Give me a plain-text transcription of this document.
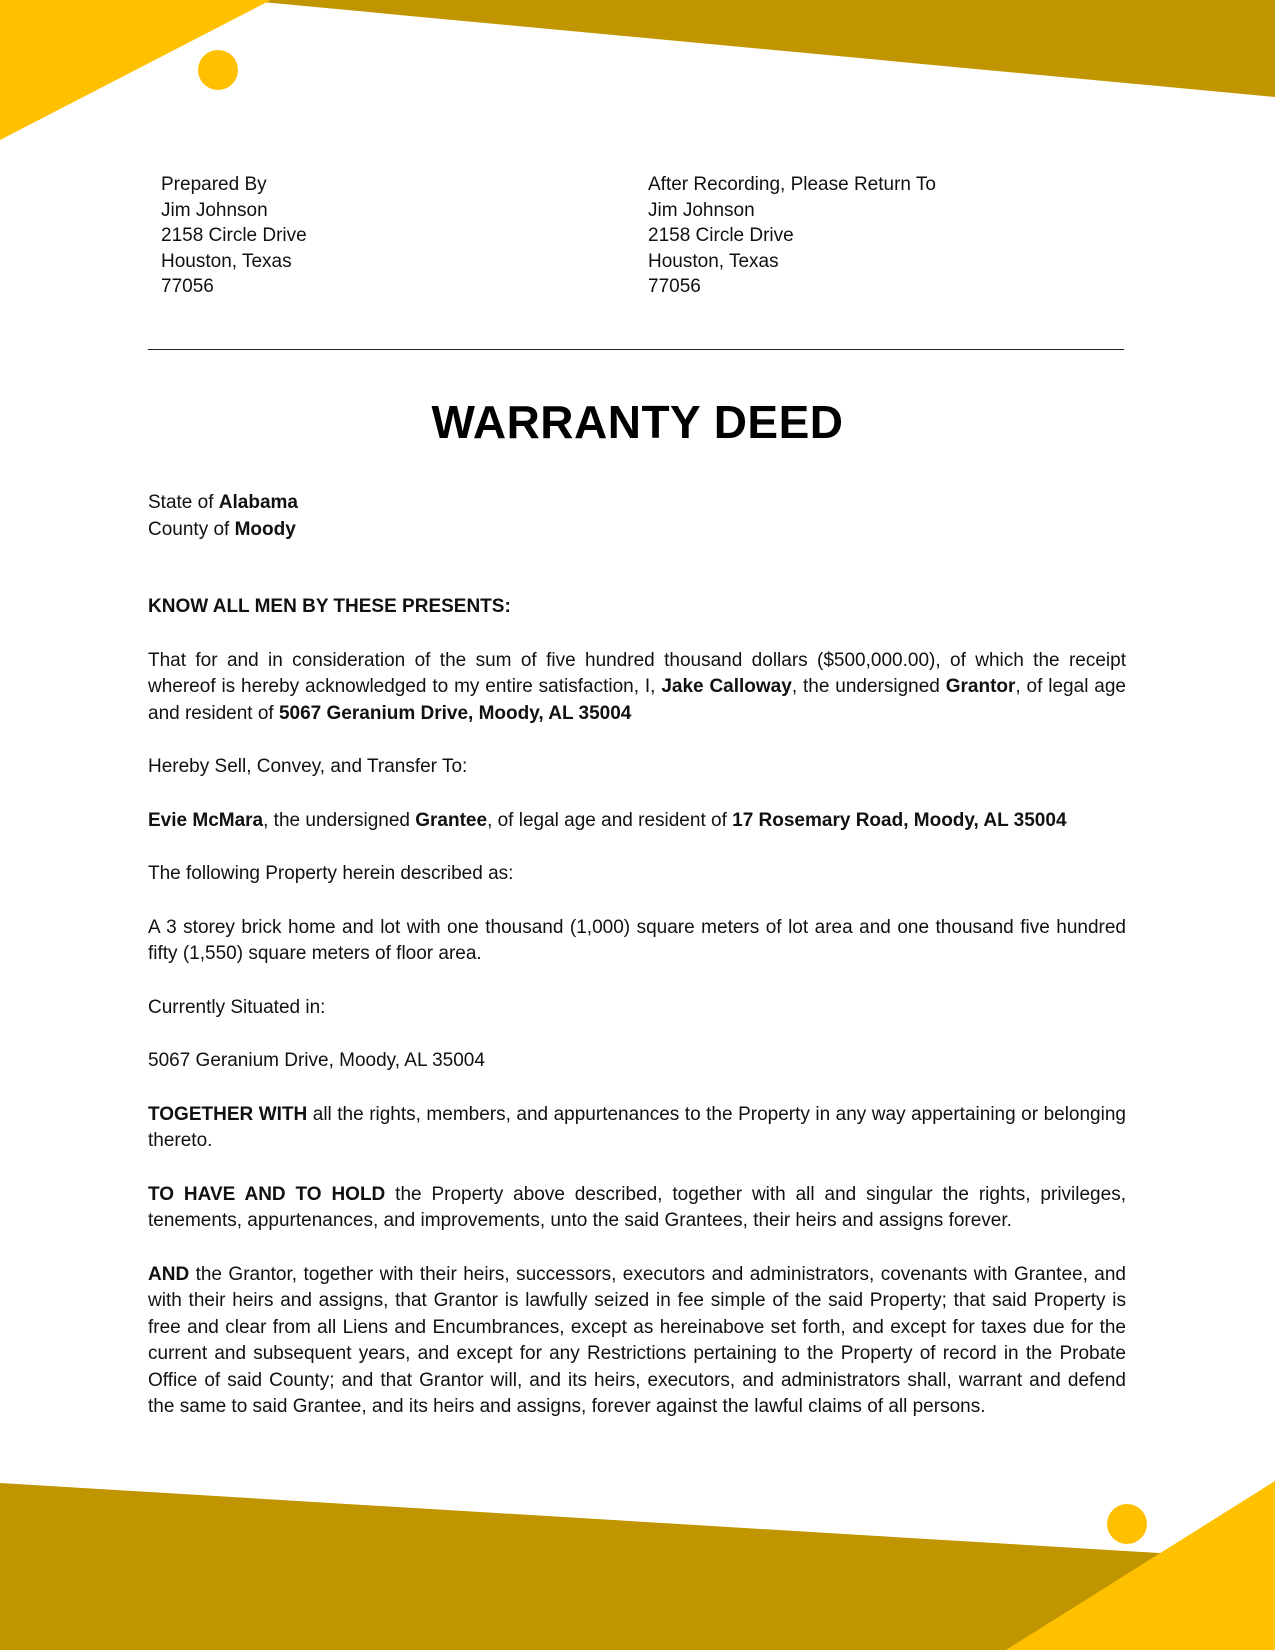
Prepared By
Jim Johnson
2158 Circle Drive
Houston, Texas
77056
After Recording, Please Return To
Jim Johnson
2158 Circle Drive
Houston, Texas
77056
WARRANTY DEED

State of Alabama

County of Moody

KNOW ALL MEN BY THESE PRESENTS:

That for and in consideration of the sum of five hundred thousand dollars ($500,000.00), of which the receipt whereof is hereby acknowledged to my entire satisfaction, I, Jake Calloway, the undersigned Grantor, of legal age and resident of 5067 Geranium Drive, Moody, AL 35004

Hereby Sell, Convey, and Transfer To:

Evie McMara, the undersigned Grantee, of legal age and resident of 17 Rosemary Road, Moody, AL 35004

The following Property herein described as:

A 3 storey brick home and lot with one thousand (1,000) square meters of lot area and one thousand five hundred fifty (1,550) square meters of floor area.

Currently Situated in:

5067 Geranium Drive, Moody, AL 35004

TOGETHER WITH all the rights, members, and appurtenances to the Property in any way appertaining or belonging thereto.

TO HAVE AND TO HOLD the Property above described, together with all and singular the rights, privileges, tenements, appurtenances, and improvements, unto the said Grantees, their heirs and assigns forever.

AND the Grantor, together with their heirs, successors, executors and administrators, covenants with Grantee, and with their heirs and assigns, that Grantor is lawfully seized in fee simple of the said Property; that said Property is free and clear from all Liens and Encumbrances, except as hereinabove set forth, and except for taxes due for the current and subsequent years, and except for any Restrictions pertaining to the Property of record in the Probate Office of said County; and that Grantor will, and its heirs, executors, and administrators shall, warrant and defend the same to said Grantee, and its heirs and assigns, forever against the lawful claims of all persons.
